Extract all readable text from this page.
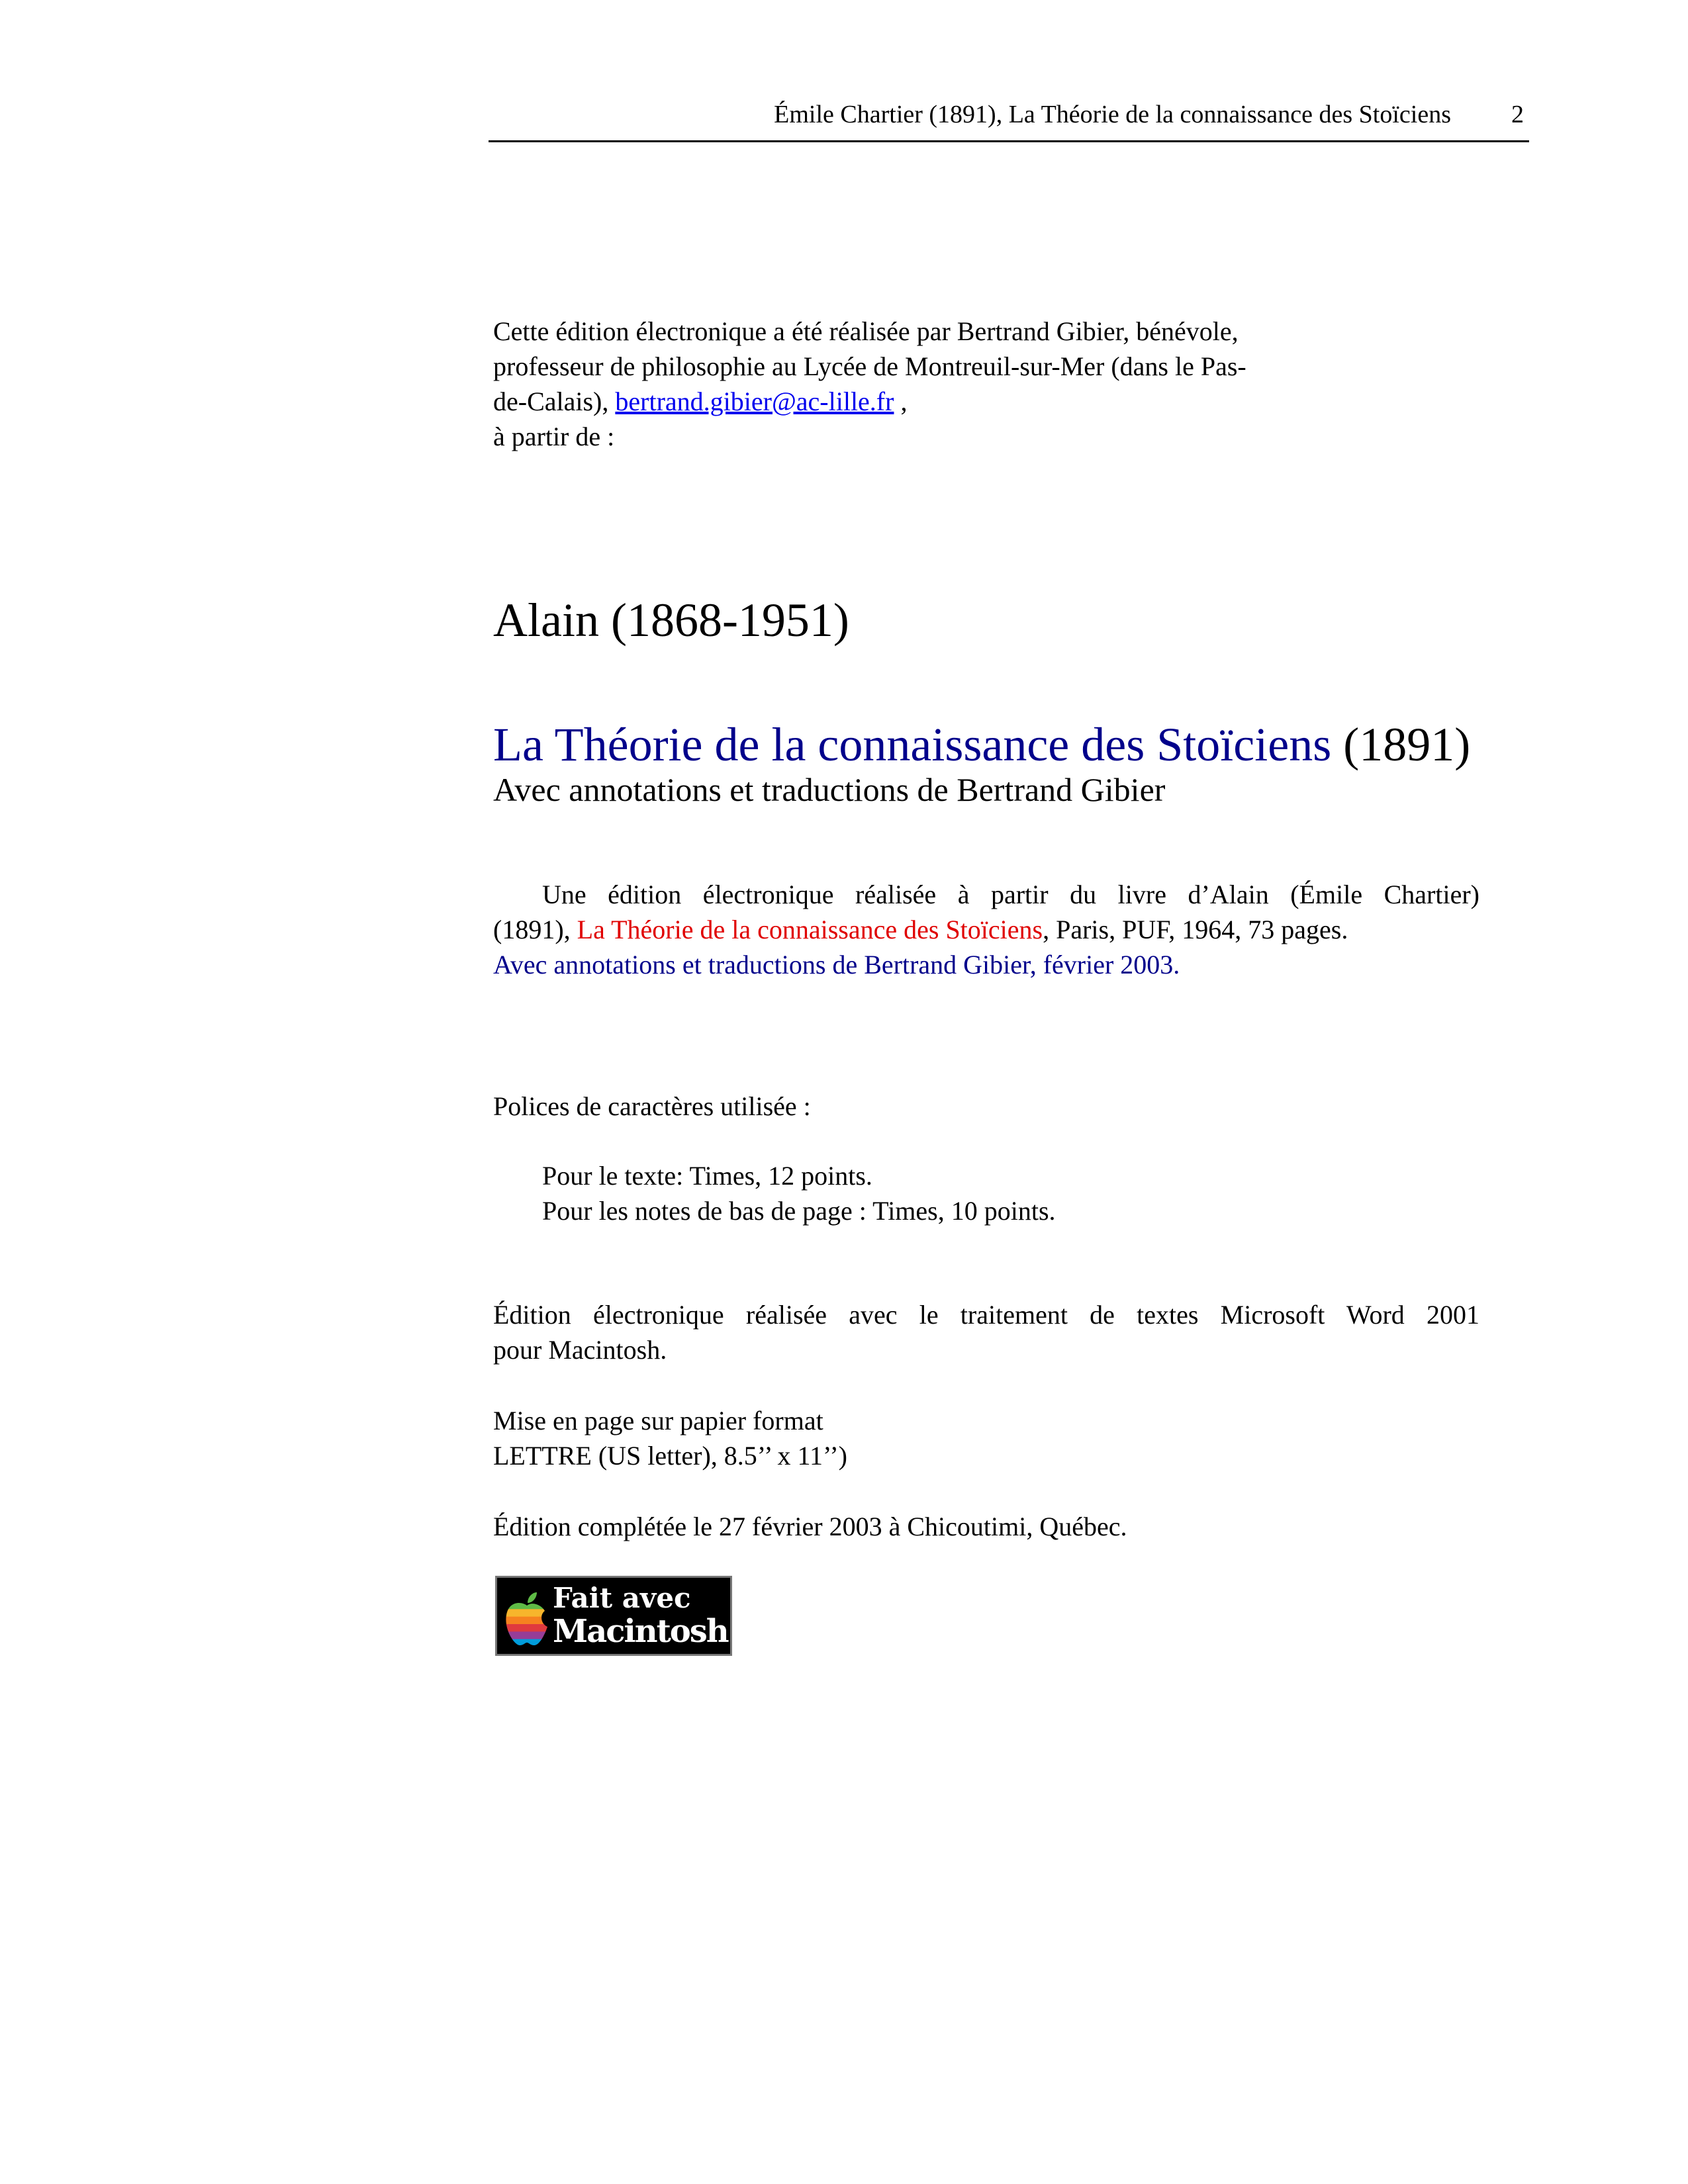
Émile Chartier (1891), La Théorie de la connaissance des Stoïciens 2
Cette édition électronique a été réalisée par Bertrand Gibier, bénévole,
professeur de philosophie au Lycée de Montreuil-sur-Mer (dans le Pas-
de-Calais), bertrand.gibier@ac-lille.fr ,
à partir de :
Alain (1868-1951)
La Théorie de la connaissance des Stoïciens (1891)
Avec annotations et traductions de Bertrand Gibier
Une édition électronique réalisée à partir du livre d’Alain (Émile Chartier)
(1891), La Théorie de la connaissance des Stoïciens, Paris, PUF, 1964, 73 pages.
Avec annotations et traductions de Bertrand Gibier, février 2003.
Polices de caractères utilisée :
Pour le texte: Times, 12 points.
Pour les notes de bas de page : Times, 10 points.
Édition électronique réalisée avec le traitement de textes Microsoft Word 2001
pour Macintosh.
Mise en page sur papier format
LETTRE (US letter), 8.5’’ x 11’’)
Édition complétée le 27 février 2003 à Chicoutimi, Québec.
Fait avec
Macintosh
